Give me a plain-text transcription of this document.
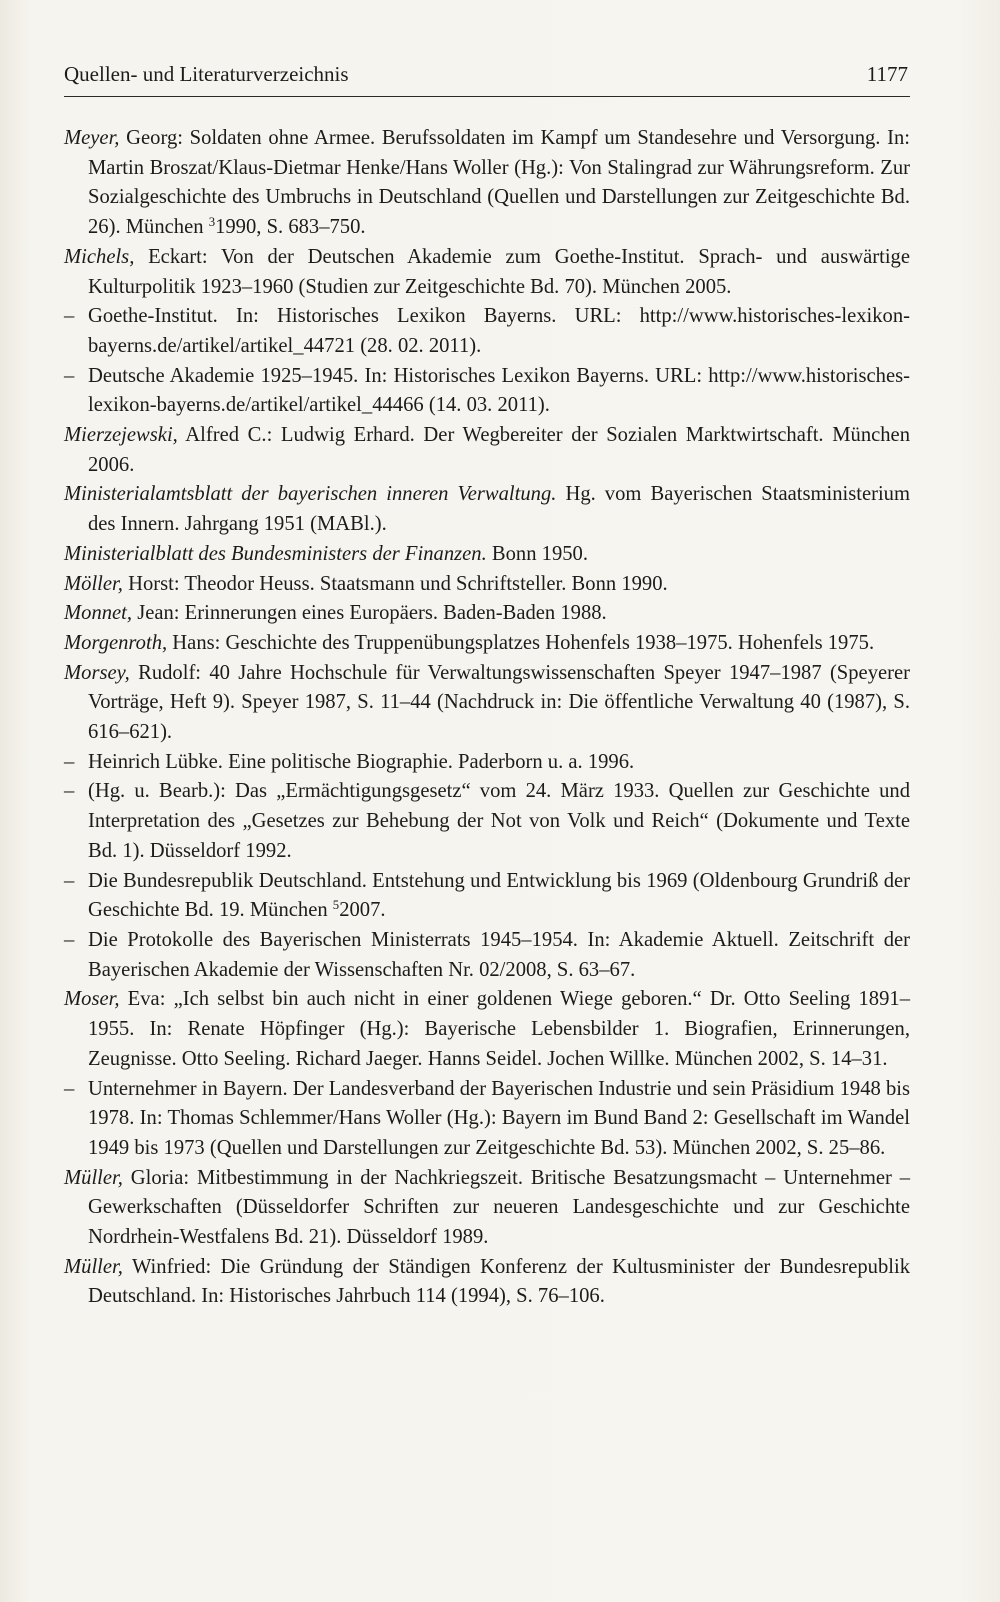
Quellen- und Literaturverzeichnis	1177

Meyer, Georg: Soldaten ohne Armee. Berufssoldaten im Kampf um Standesehre und Versorgung. In: Martin Broszat/Klaus-Dietmar Henke/Hans Woller (Hg.): Von Stalingrad zur Währungsreform. Zur Sozialgeschichte des Umbruchs in Deutschland (Quellen und Darstellungen zur Zeitgeschichte Bd. 26). München $^3$1990, S. 683–750.

Michels, Eckart: Von der Deutschen Akademie zum Goethe-Institut. Sprach- und auswärtige Kulturpolitik 1923–1960 (Studien zur Zeitgeschichte Bd. 70). München 2005.

– Goethe-Institut. In: Historisches Lexikon Bayerns. URL: http://www.historisches-lexikon-bayerns.de/artikel/artikel_44721 (28. 02. 2011).

– Deutsche Akademie 1925–1945. In: Historisches Lexikon Bayerns. URL: http://www.historisches-lexikon-bayerns.de/artikel/artikel_44466 (14. 03. 2011).

Mierzejewski, Alfred C.: Ludwig Erhard. Der Wegbereiter der Sozialen Marktwirtschaft. München 2006.

Ministerialamtsblatt der bayerischen inneren Verwaltung. Hg. vom Bayerischen Staatsministerium des Innern. Jahrgang 1951 (MABl.).

Ministerialblatt des Bundesministers der Finanzen. Bonn 1950.

Möller, Horst: Theodor Heuss. Staatsmann und Schriftsteller. Bonn 1990.

Monnet, Jean: Erinnerungen eines Europäers. Baden-Baden 1988.

Morgenroth, Hans: Geschichte des Truppenübungsplatzes Hohenfels 1938–1975. Hohenfels 1975.

Morsey, Rudolf: 40 Jahre Hochschule für Verwaltungswissenschaften Speyer 1947–1987 (Speyerer Vorträge, Heft 9). Speyer 1987, S. 11–44 (Nachdruck in: Die öffentliche Verwaltung 40 (1987), S. 616–621).

– Heinrich Lübke. Eine politische Biographie. Paderborn u. a. 1996.

– (Hg. u. Bearb.): Das „Ermächtigungsgesetz“ vom 24. März 1933. Quellen zur Geschichte und Interpretation des „Gesetzes zur Behebung der Not von Volk und Reich“ (Dokumente und Texte Bd. 1). Düsseldorf 1992.

– Die Bundesrepublik Deutschland. Entstehung und Entwicklung bis 1969 (Oldenbourg Grundriß der Geschichte Bd. 19. München $^5$2007.

– Die Protokolle des Bayerischen Ministerrats 1945–1954. In: Akademie Aktuell. Zeitschrift der Bayerischen Akademie der Wissenschaften Nr. 02/2008, S. 63–67.

Moser, Eva: „Ich selbst bin auch nicht in einer goldenen Wiege geboren.“ Dr. Otto Seeling 1891–1955. In: Renate Höpfinger (Hg.): Bayerische Lebensbilder 1. Biografien, Erinnerungen, Zeugnisse. Otto Seeling. Richard Jaeger. Hanns Seidel. Jochen Willke. München 2002, S. 14–31.

– Unternehmer in Bayern. Der Landesverband der Bayerischen Industrie und sein Präsidium 1948 bis 1978. In: Thomas Schlemmer/Hans Woller (Hg.): Bayern im Bund Band 2: Gesellschaft im Wandel 1949 bis 1973 (Quellen und Darstellungen zur Zeitgeschichte Bd. 53). München 2002, S. 25–86.

Müller, Gloria: Mitbestimmung in der Nachkriegszeit. Britische Besatzungsmacht – Unternehmer – Gewerkschaften (Düsseldorfer Schriften zur neueren Landesgeschichte und zur Geschichte Nordrhein-Westfalens Bd. 21). Düsseldorf 1989.

Müller, Winfried: Die Gründung der Ständigen Konferenz der Kultusminister der Bundesrepublik Deutschland. In: Historisches Jahrbuch 114 (1994), S. 76–106.
